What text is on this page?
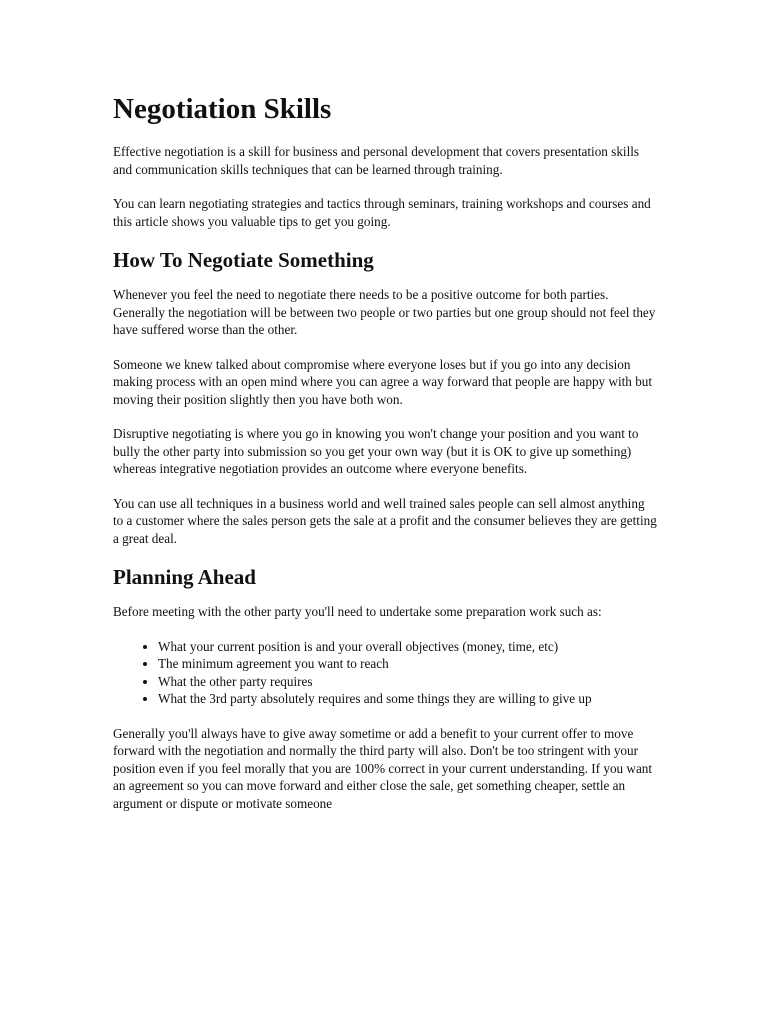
Negotiation Skills

Effective negotiation is a skill for business and personal development that covers presentation skills and communication skills techniques that can be learned through training.

You can learn negotiating strategies and tactics through seminars, training workshops and courses and this article shows you valuable tips to get you going.

How To Negotiate Something

Whenever you feel the need to negotiate there needs to be a positive outcome for both parties. Generally the negotiation will be between two people or two parties but one group should not feel they have suffered worse than the other.

Someone we knew talked about compromise where everyone loses but if you go into any decision making process with an open mind where you can agree a way forward that people are happy with but moving their position slightly then you have both won.

Disruptive negotiating is where you go in knowing you won't change your position and you want to bully the other party into submission so you get your own way (but it is OK to give up something) whereas integrative negotiation provides an outcome where everyone benefits.

You can use all techniques in a business world and well trained sales people can sell almost anything to a customer where the sales person gets the sale at a profit and the consumer believes they are getting a great deal.

Planning Ahead

Before meeting with the other party you'll need to undertake some preparation work such as:

• What your current position is and your overall objectives (money, time, etc)
• The minimum agreement you want to reach
• What the other party requires
• What the 3rd party absolutely requires and some things they are willing to give up

Generally you'll always have to give away sometime or add a benefit to your current offer to move forward with the negotiation and normally the third party will also. Don't be too stringent with your position even if you feel morally that you are 100% correct in your current understanding. If you want an agreement so you can move forward and either close the sale, get something cheaper, settle an argument or dispute or motivate someone
